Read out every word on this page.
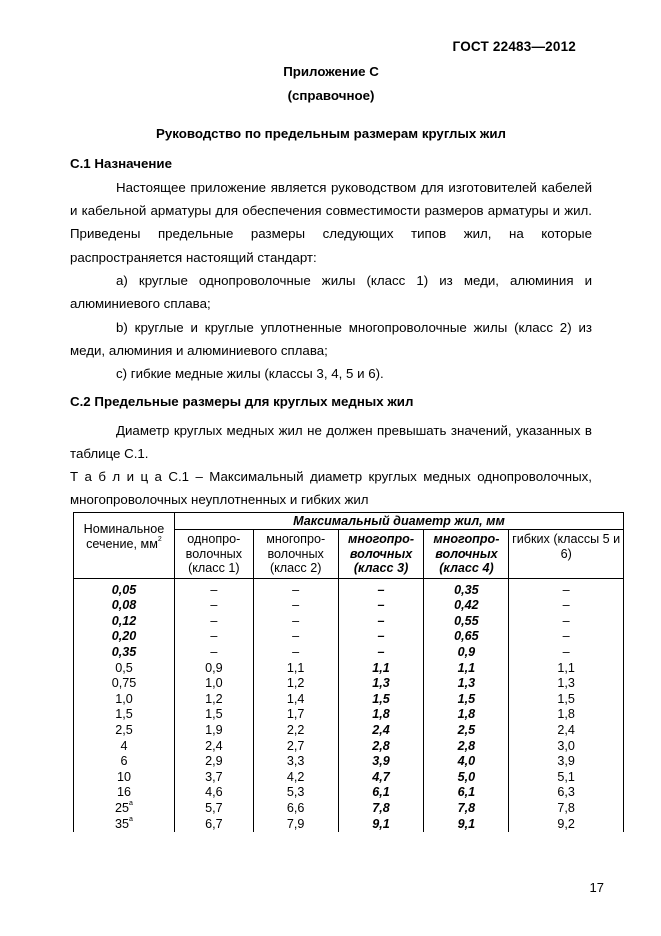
ГОСТ 22483—2012
Приложение С
(справочное)
Руководство по предельным размерам круглых жил
С.1 Назначение
Настоящее приложение является руководством для изготовителей кабелей и кабельной арматуры для обеспечения совместимости размеров арматуры и жил. Приведены предельные размеры следующих типов жил, на которые распространяется настоящий стандарт:
а) круглые однопроволочные жилы (класс 1) из меди, алюминия и алюминиевого сплава;
b) круглые и круглые уплотненные многопроволочные жилы (класс 2) из меди, алюминия и алюминиевого сплава;
с) гибкие медные жилы (классы 3, 4, 5 и 6).
С.2 Предельные размеры для круглых медных жил
Диаметр круглых медных жил не должен превышать значений, указанных в таблице С.1.
Т а б л и ц а С.1 – Максимальный диаметр круглых медных однопроволочных, многопроволочных неуплотненных и гибких жил
Номинальное сечение, $мм^2$	Максимальный диаметр жил, мм				
	однопро-волочных (класс 1)	многопро-волочных (класс 2)	многопро-волочных (класс 3)	многопро-волочных (класс 4)	гибких (классы 5 и 6)
0,05	–	–	–	0,35	–
0,08	–	–	–	0,42	–
0,12	–	–	–	0,55	–
0,20	–	–	–	0,65	–
0,35	–	–	–	0,9	–
0,5	0,9	1,1	1,1	1,1	1,1
0,75	1,0	1,2	1,3	1,3	1,3
1,0	1,2	1,4	1,5	1,5	1,5
1,5	1,5	1,7	1,8	1,8	1,8
2,5	1,9	2,2	2,4	2,5	2,4
4	2,4	2,7	2,8	2,8	3,0
6	2,9	3,3	3,9	4,0	3,9
10	3,7	4,2	4,7	5,0	5,1
16	4,6	5,3	6,1	6,1	6,3
25$^a$	5,7	6,6	7,8	7,8	7,8
35$^a$	6,7	7,9	9,1	9,1	9,2
17
